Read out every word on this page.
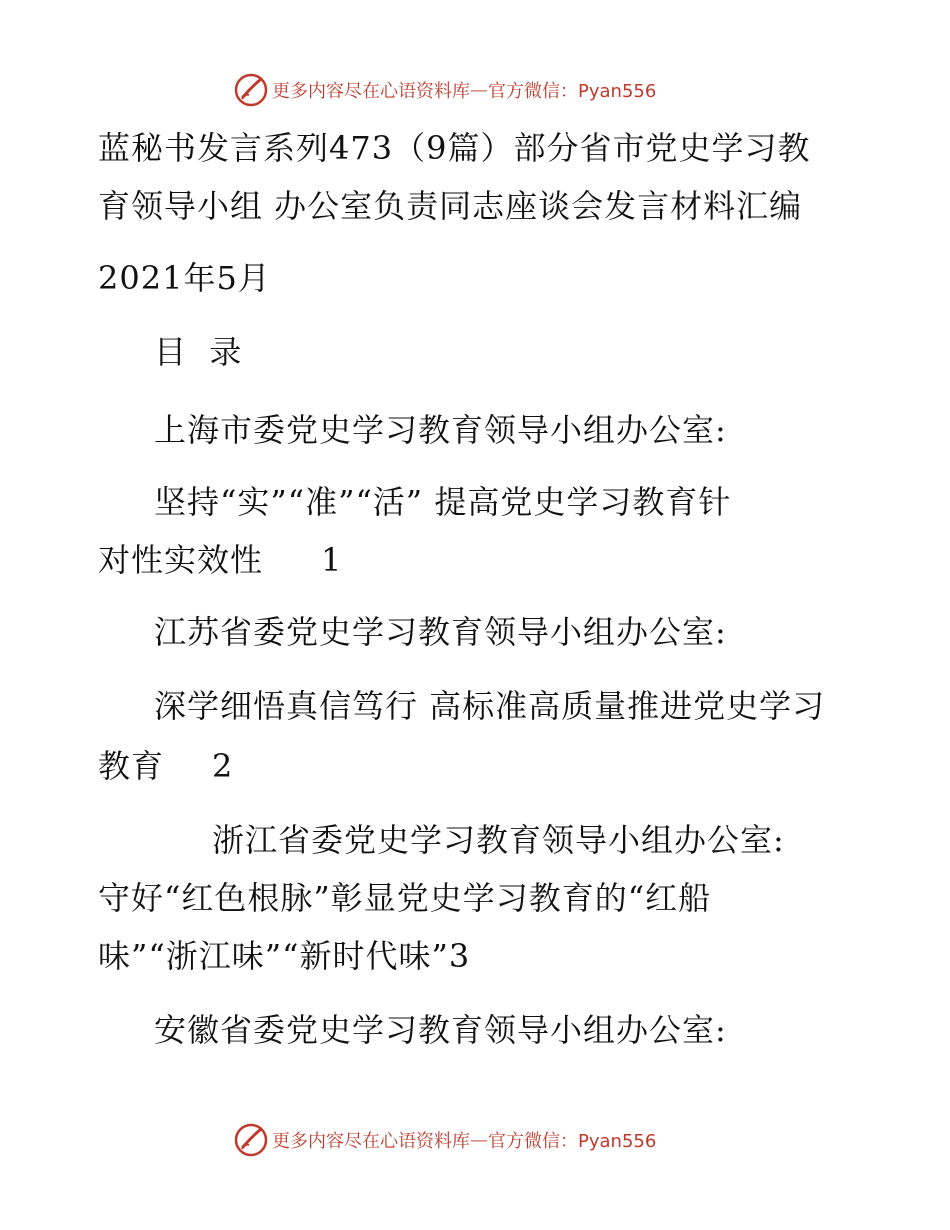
更多内容尽在心语资料库 — 官方微信：Pyan556
蓝秘书发言系列473（9篇）部分省市党史学习教
育领导小组 办公室负责同志座谈会发言材料汇编
2021年5月
目  录
上海市委党史学习教育领导小组办公室:
坚持“实”“准”“活” 提高党史学习教育针
对性实效性 1
江苏省委党史学习教育领导小组办公室:
深学细悟真信笃行 高标准高质量推进党史学习
教育 2
浙江省委党史学习教育领导小组办公室:
守好“红色根脉”彰显党史学习教育的“红船
味”“浙江味”“新时代味”3
安徽省委党史学习教育领导小组办公室:
更多内容尽在心语资料库 — 官方微信：Pyan556
